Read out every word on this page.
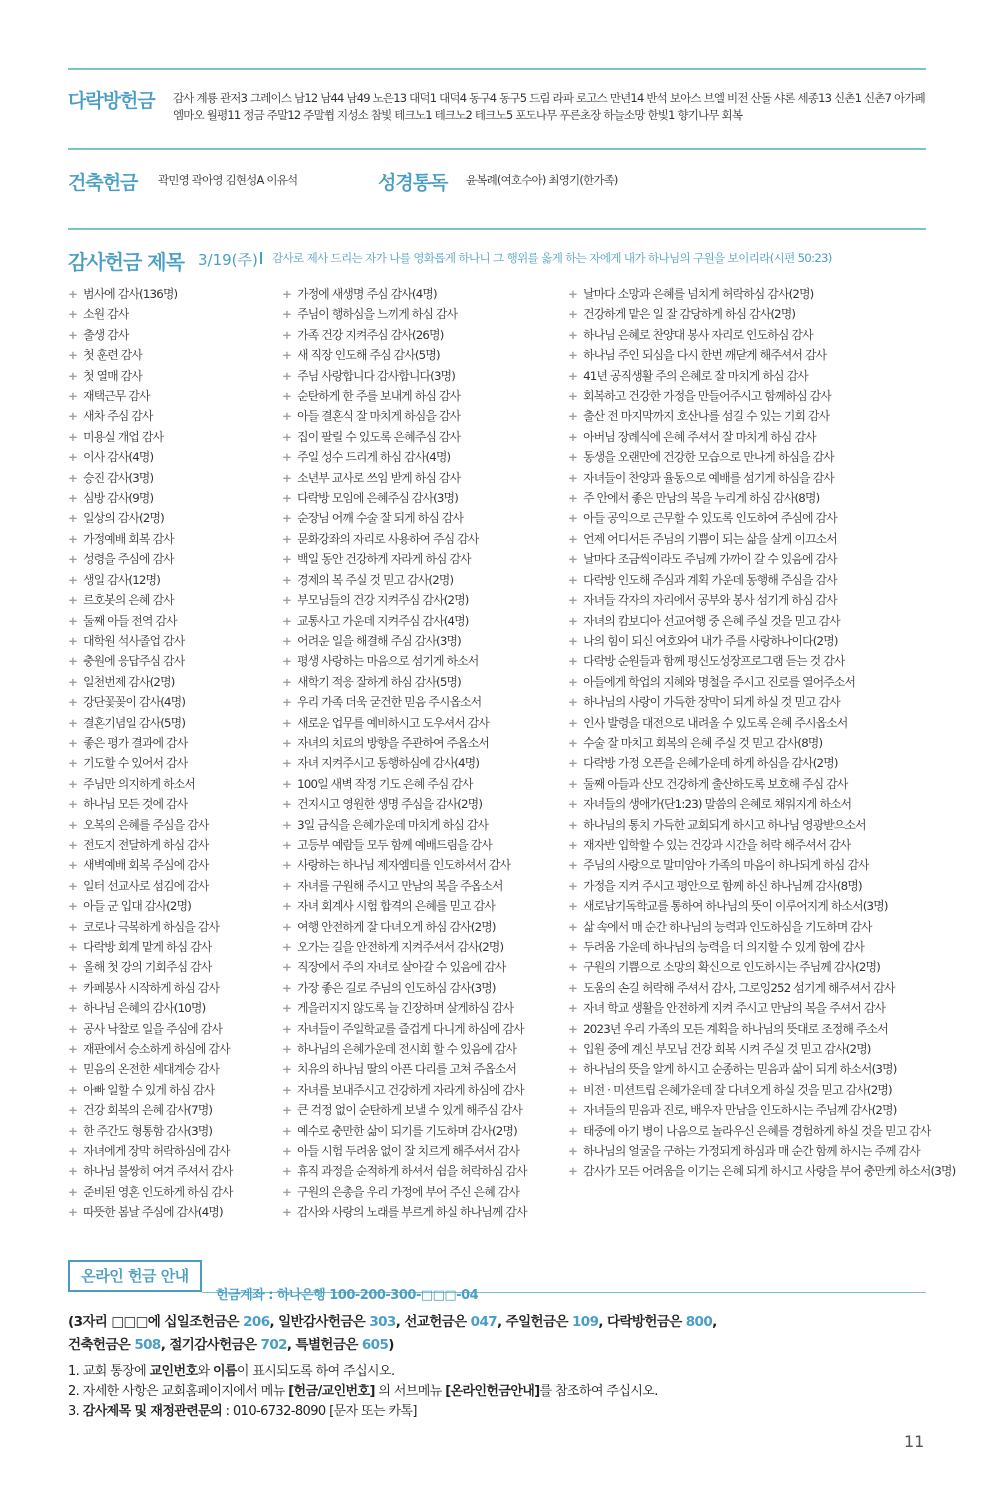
다락방헌금 감사 계룡 관저3 그레이스 남12 남44 남49 노은13 대덕1 대덕4 동구4 동구5 드림 라파 로고스 만년14 반석 보아스 브엘 비전 산돌 샤론 세종13 신촌1 신촌7 아가페
엠마오 월평11 정금 주말12 주말쓉 지성소 참빛 테크노1 테크노2 테크노5 포도나무 푸른초장 하늘소망 한빛1 향기나무 회복
건축헌금 곽민영 곽아영 김현성A 이유석	성경통독 윤복례(여호수아) 최영기(한가족)
감사헌금 제목 3/19(주) 감사로 제사 드리는 자가 나를 영화롭게 하나니 그 행위를 옳게 하는 자에게 내가 하나님의 구원을 보이리라(시편 50:23)
+ 범사에 감사(136명)
+ 소원 감사
+ 출생 감사
+ 첫 훈련 감사
+ 첫 열매 감사
+ 재택근무 감사
+ 새차 주심 감사
+ 미용실 개업 감사
+ 이사 감사(4명)
+ 승진 감사(3명)
+ 심방 감사(9명)
+ 일상의 감사(2명)
+ 가정예배 회복 감사
+ 성령을 주심에 감사
+ 생일 감사(12명)
+ 르호봇의 은혜 감사
+ 둘째 아들 전역 감사
+ 대학원 석사졸업 감사
+ 충원에 응답주심 감사
+ 일천번제 감사(2명)
+ 강단꽃꽂이 감사(4명)
+ 결혼기념일 감사(5명)
+ 좋은 평가 결과에 감사
+ 기도할 수 있어서 감사
+ 주님만 의지하게 하소서
+ 하나님 모든 것에 감사
+ 오복의 은혜를 주심을 감사
+ 전도지 전달하게 하심 감사
+ 새벽예배 회복 주심에 감사
+ 일터 선교사로 섬김에 감사
+ 아들 군 입대 감사(2명)
+ 코로나 극복하게 하심을 감사
+ 다락방 회계 맡게 하심 감사
+ 올해 첫 강의 기회주심 감사
+ 카페봉사 시작하게 하심 감사
+ 하나님 은혜의 감사(10명)
+ 공사 낙찰로 일을 주심에 감사
+ 재판에서 승소하게 하심에 감사
+ 믿음의 온전한 세대계승 감사
+ 아빠 일할 수 있게 하심 감사
+ 건강 회복의 은혜 감사(7명)
+ 한 주간도 형통함 감사(3명)
+ 자녀에게 장막 허락하심에 감사
+ 하나님 불쌍히 여겨 주셔서 감사
+ 준비된 영혼 인도하게 하심 감사
+ 따뜻한 봄날 주심에 감사(4명)
+ 가정에 새생명 주심 감사(4명)
+ 주님이 행하심을 느끼게 하심 감사
+ 가족 건강 지켜주심 감사(26명)
+ 새 직장 인도해 주심 감사(5명)
+ 주님 사랑합니다 감사합니다(3명)
+ 순탄하게 한 주를 보내게 하심 감사
+ 아들 결혼식 잘 마치게 하심을 감사
+ 집이 팔릴 수 있도록 은혜주심 감사
+ 주일 성수 드리게 하심 감사(4명)
+ 소년부 교사로 쓰임 받게 하심 감사
+ 다락방 모임에 은혜주심 감사(3명)
+ 순장님 어깨 수술 잘 되게 하심 감사
+ 문화강좌의 자리로 사용하여 주심 감사
+ 백일 동안 건강하게 자라게 하심 감사
+ 경제의 복 주실 것 믿고 감사(2명)
+ 부모님들의 건강 지켜주심 감사(2명)
+ 교통사고 가운데 지켜주심 감사(4명)
+ 어려운 일을 해결해 주심 감사(3명)
+ 평생 사랑하는 마음으로 섬기게 하소서
+ 새학기 적응 잘하게 하심 감사(5명)
+ 우리 가족 더욱 굳건한 믿음 주시옵소서
+ 새로운 업무를 예비하시고 도우셔서 감사
+ 자녀의 치료의 방향을 주관하여 주옵소서
+ 자녀 지켜주시고 동행하심에 감사(4명)
+ 100일 새벽 작정 기도 은혜 주심 감사
+ 건지시고 영원한 생명 주심을 감사(2명)
+ 3일 금식을 은혜가운데 마치게 하심 감사
+ 고등부 예람들 모두 함께 예배드림을 감사
+ 사랑하는 하나님 제자엠티를 인도하셔서 감사
+ 자녀를 구원해 주시고 만남의 복을 주옵소서
+ 자녀 회계사 시험 합격의 은혜를 믿고 감사
+ 여행 안전하게 잘 다녀오게 하심 감사(2명)
+ 오가는 길을 안전하게 지켜주셔서 감사(2명)
+ 직장에서 주의 자녀로 살아갈 수 있음에 감사
+ 가장 좋은 길로 주님의 인도하심 감사(3명)
+ 게을러지지 않도록 늘 긴장하며 살게하심 감사
+ 자녀들이 주일학교를 즐겁게 다니게 하심에 감사
+ 하나님의 은혜가운데 전시회 할 수 있음에 감사
+ 치유의 하나님 딸의 아픈 다리를 고쳐 주옵소서
+ 자녀를 보내주시고 건강하게 자라게 하심에 감사
+ 큰 걱정 없이 순탄하게 보낼 수 있게 해주심 감사
+ 예수로 충만한 삶이 되기를 기도하며 감사(2명)
+ 아들 시험 두려움 없이 잘 치르게 해주셔서 감사
+ 휴직 과정을 순적하게 하셔서 쉼을 허락하심 감사
+ 구원의 은총을 우리 가정에 부어 주신 은혜 감사
+ 감사와 사랑의 노래를 부르게 하실 하나님께 감사
+ 날마다 소망과 은혜를 넘치게 허락하심 감사(2명)
+ 건강하게 맡은 일 잘 감당하게 하심 감사(2명)
+ 하나님 은혜로 찬양대 봉사 자리로 인도하심 감사
+ 하나님 주인 되심을 다시 한번 깨닫게 해주셔서 감사
+ 41년 공직생활 주의 은혜로 잘 마치게 하심 감사
+ 회복하고 건강한 가정을 만들어주시고 함께하심 감사
+ 출산 전 마지막까지 호산나를 섬길 수 있는 기회 감사
+ 아버님 장례식에 은혜 주셔서 잘 마치게 하심 감사
+ 동생을 오랜만에 건강한 모습으로 만나게 하심을 감사
+ 자녀들이 찬양과 율동으로 예배를 섬기게 하심을 감사
+ 주 안에서 좋은 만남의 복을 누리게 하심 감사(8명)
+ 아들 공익으로 근무할 수 있도록 인도하여 주심에 감사
+ 언제 어디서든 주님의 기쁨이 되는 삶을 살게 이끄소서
+ 날마다 조금씩이라도 주님께 가까이 갈 수 있음에 감사
+ 다락방 인도해 주심과 계획 가운데 동행해 주심을 감사
+ 자녀들 각자의 자리에서 공부와 봉사 섬기게 하심 감사
+ 자녀의 캄보디아 선교여행 중 은혜 주실 것을 믿고 감사
+ 나의 힘이 되신 여호와여 내가 주를 사랑하나이다(2명)
+ 다락방 순원들과 함께 평신도성장프로그램 듣는 것 감사
+ 아들에게 학업의 지혜와 명철을 주시고 진로를 열어주소서
+ 하나님의 사랑이 가득한 장막이 되게 하실 것 믿고 감사
+ 인사 발령을 대전으로 내려올 수 있도록 은혜 주시옵소서
+ 수술 잘 마치고 회복의 은혜 주실 것 믿고 감사(8명)
+ 다락방 가정 오픈을 은혜가운데 하게 하심을 감사(2명)
+ 둘째 아들과 산모 건강하게 출산하도록 보호해 주심 감사
+ 자녀들의 생애가(단1:23) 말씀의 은혜로 채워지게 하소서
+ 하나님의 통치 가득한 교회되게 하시고 하나님 영광받으소서
+ 재자반 입학할 수 있는 건강과 시간을 허락 해주셔서 감사
+ 주님의 사랑으로 말미암아 가족의 마음이 하나되게 하심 감사
+ 가정을 지켜 주시고 평안으로 함께 하신 하나님께 감사(8명)
+ 새로남기독학교를 통하여 하나님의 뜻이 이루어지게 하소서(3명)
+ 삶 속에서 매 순간 하나님의 능력과 인도하심을 기도하며 감사
+ 두려움 가운데 하나님의 능력을 더 의지할 수 있게 함에 감사
+ 구원의 기쁨으로 소망의 확신으로 인도하시는 주님께 감사(2명)
+ 도움의 손길 허락해 주셔서 감사, 그로잉252 섬기게 해주셔서 감사
+ 자녀 학교 생활을 안전하게 지켜 주시고 만남의 복을 주셔서 감사
+ 2023년 우리 가족의 모든 계획을 하나님의 뜻대로 조정해 주소서
+ 입원 중에 계신 부모님 건강 회복 시켜 주실 것 믿고 감사(2명)
+ 하나님의 뜻을 알게 하시고 순종하는 믿음과 삶이 되게 하소서(3명)
+ 비전 · 미션트립 은혜가운데 잘 다녀오게 하실 것을 믿고 감사(2명)
+ 자녀들의 믿음과 진로, 배우자 만남을 인도하시는 주님께 감사(2명)
+ 태중에 아기 병이 나음으로 놀라우신 은혜를 경험하게 하실 것을 믿고 감사
+ 하나님의 얼굴을 구하는 가정되게 하심과 매 순간 함께 하시는 주께 감사
+ 감사가 모든 어려움을 이기는 은혜 되게 하시고 사랑을 부어 충만케 하소서(3명)
온라인 헌금 안내
헌금계좌 : 하나은행 100-200-300-□□□-04
(3자리 □□□에 십일조헌금은 206, 일반감사헌금은 303, 선교헌금은 047, 주일헌금은 109, 다락방헌금은 800,
건축헌금은 508, 절기감사헌금은 702, 특별헌금은 605)
1. 교회 통장에 교인번호와 이름이 표시되도록 하여 주십시오.
2. 자세한 사항은 교회홈페이지에서 메뉴 [헌금/교인번호] 의 서브메뉴 [온라인헌금안내]를 참조하여 주십시오.
3. 감사제목 및 재정관련문의 : 010-6732-8090 [문자 또는 카톡]
11
